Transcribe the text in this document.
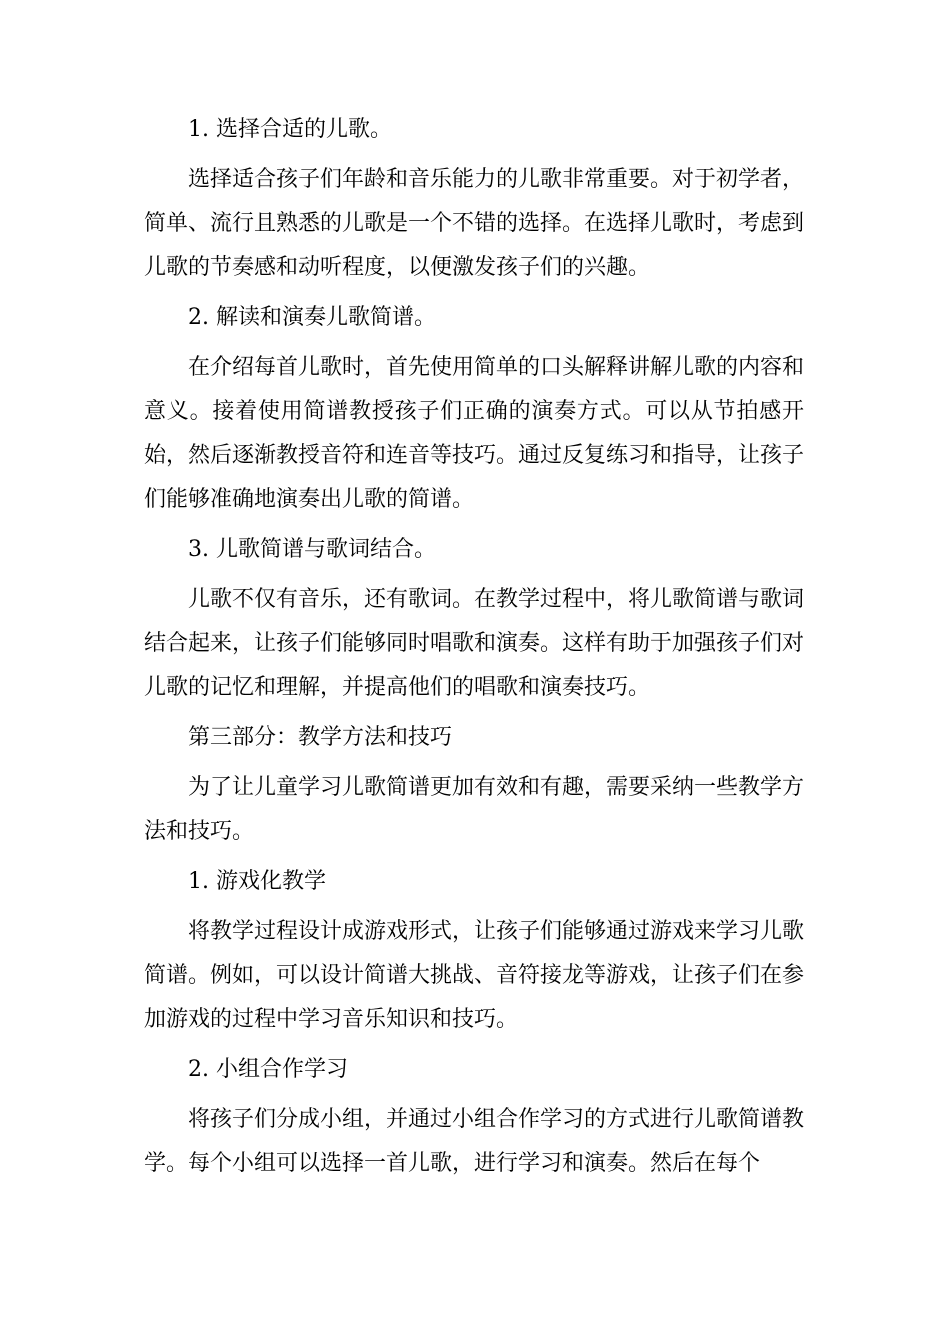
1. 选择合适的儿歌。

选择适合孩子们年龄和音乐能力的儿歌非常重要。对于初学者，简单、流行且熟悉的儿歌是一个不错的选择。在选择儿歌时，考虑到儿歌的节奏感和动听程度，以便激发孩子们的兴趣。

2. 解读和演奏儿歌简谱。

在介绍每首儿歌时，首先使用简单的口头解释讲解儿歌的内容和意义。接着使用简谱教授孩子们正确的演奏方式。可以从节拍感开始，然后逐渐教授音符和连音等技巧。通过反复练习和指导，让孩子们能够准确地演奏出儿歌的简谱。

3. 儿歌简谱与歌词结合。

儿歌不仅有音乐，还有歌词。在教学过程中，将儿歌简谱与歌词结合起来，让孩子们能够同时唱歌和演奏。这样有助于加强孩子们对儿歌的记忆和理解，并提高他们的唱歌和演奏技巧。

第三部分：教学方法和技巧

为了让儿童学习儿歌简谱更加有效和有趣，需要采纳一些教学方法和技巧。

1. 游戏化教学

将教学过程设计成游戏形式，让孩子们能够通过游戏来学习儿歌简谱。例如，可以设计简谱大挑战、音符接龙等游戏，让孩子们在参加游戏的过程中学习音乐知识和技巧。

2. 小组合作学习

将孩子们分成小组，并通过小组合作学习的方式进行儿歌简谱教学。每个小组可以选择一首儿歌，进行学习和演奏。然后在每个
